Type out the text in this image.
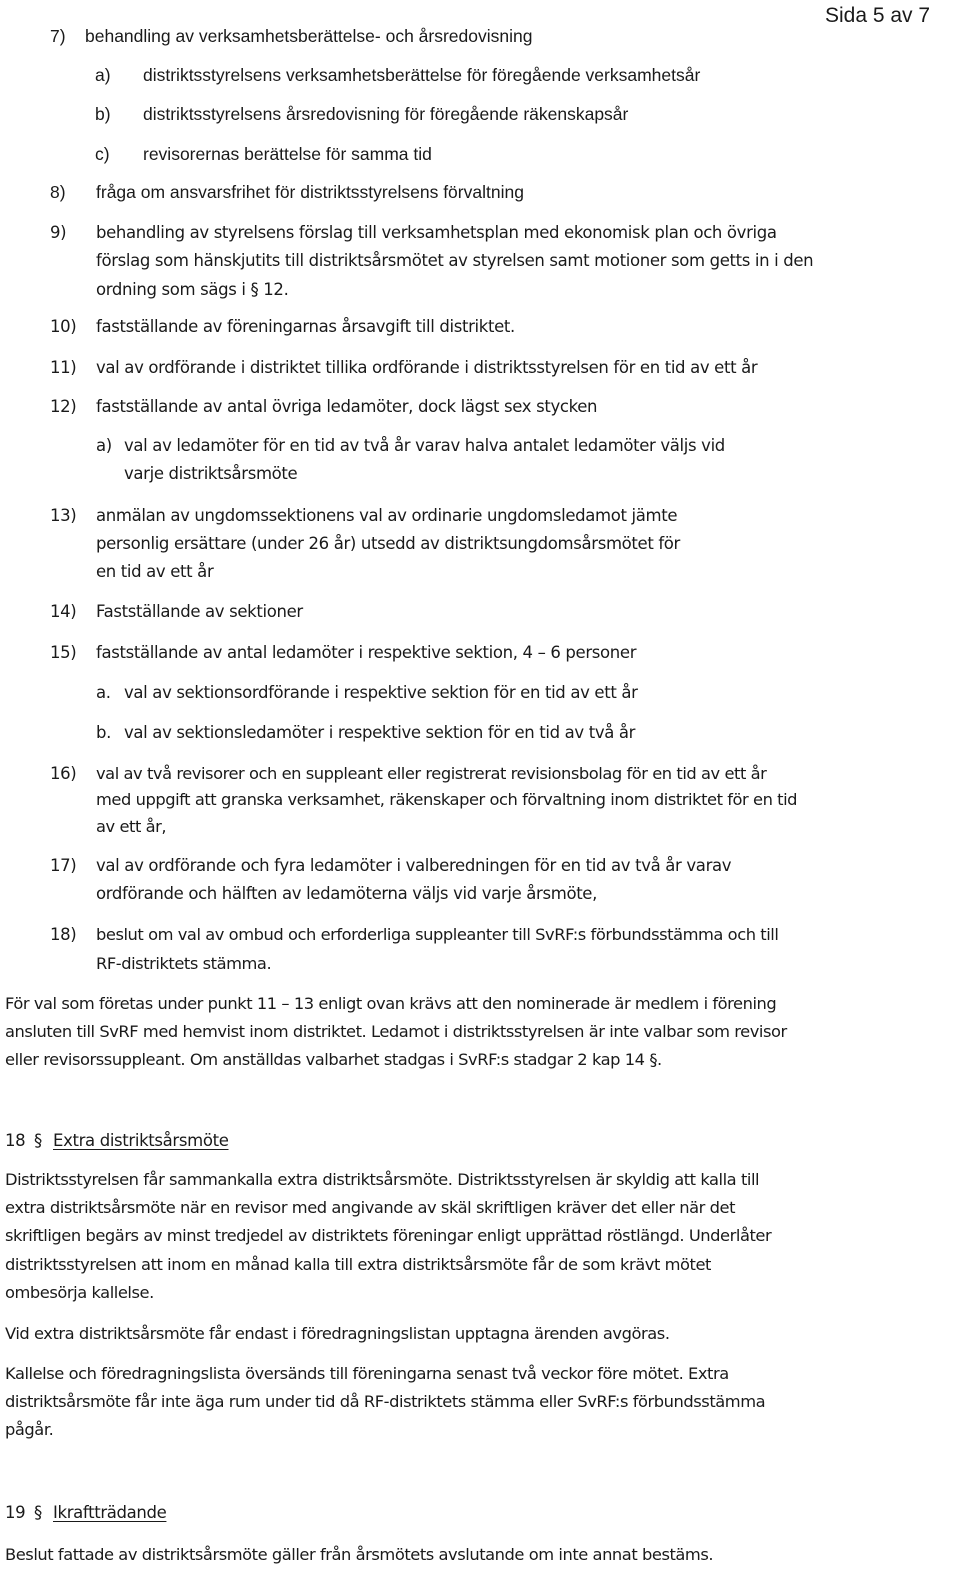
Sida 5 av 7
7) behandling av verksamhetsberättelse- och årsredovisning
a) distriktsstyrelsens verksamhetsberättelse för föregående verksamhetsår
b) distriktsstyrelsens årsredovisning för föregående räkenskapsår
c) revisorernas berättelse för samma tid
8) fråga om ansvarsfrihet för distriktsstyrelsens förvaltning
9) behandling av styrelsens förslag till verksamhetsplan med ekonomisk plan och övriga
förslag som hänskjutits till distriktsårsmötet av styrelsen samt motioner som getts in i den
ordning som sägs i § 12.
10) fastställande av föreningarnas årsavgift till distriktet.
11) val av ordförande i distriktet tillika ordförande i distriktsstyrelsen för en tid av ett år
12) fastställande av antal övriga ledamöter, dock lägst sex stycken
a) val av ledamöter för en tid av två år varav halva antalet ledamöter väljs vid
varje distriktsårsmöte
13) anmälan av ungdomssektionens val av ordinarie ungdomsledamot jämte
personlig ersättare (under 26 år) utsedd av distriktsungdomsårsmötet för
en tid av ett år
14) Fastställande av sektioner
15) fastställande av antal ledamöter i respektive sektion, 4 – 6 personer
a. val av sektionsordförande i respektive sektion för en tid av ett år
b. val av sektionsledamöter i respektive sektion för en tid av två år
16) val av två revisorer och en suppleant eller registrerat revisionsbolag för en tid av ett år
med uppgift att granska verksamhet, räkenskaper och förvaltning inom distriktet för en tid
av ett år,
17) val av ordförande och fyra ledamöter i valberedningen för en tid av två år varav
ordförande och hälften av ledamöterna väljs vid varje årsmöte,
18) beslut om val av ombud och erforderliga suppleanter till SvRF:s förbundsstämma och till
RF-distriktets stämma.
För val som företas under punkt 11 – 13 enligt ovan krävs att den nominerade är medlem i förening
ansluten till SvRF med hemvist inom distriktet. Ledamot i distriktsstyrelsen är inte valbar som revisor
eller revisorssuppleant. Om anställdas valbarhet stadgas i SvRF:s stadgar 2 kap 14 §.
18 § Extra distriktsårsmöte
Distriktsstyrelsen får sammankalla extra distriktsårsmöte. Distriktsstyrelsen är skyldig att kalla till
extra distriktsårsmöte när en revisor med angivande av skäl skriftligen kräver det eller när det
skriftligen begärs av minst tredjedel av distriktets föreningar enligt upprättad röstlängd. Underlåter
distriktsstyrelsen att inom en månad kalla till extra distriktsårsmöte får de som krävt mötet
ombesörja kallelse.
Vid extra distriktsårsmöte får endast i föredragningslistan upptagna ärenden avgöras.
Kallelse och föredragningslista översänds till föreningarna senast två veckor före mötet. Extra
distriktsårsmöte får inte äga rum under tid då RF-distriktets stämma eller SvRF:s förbundsstämma
pågår.
19 § Ikraftträdande
Beslut fattade av distriktsårsmöte gäller från årsmötets avslutande om inte annat bestäms.
